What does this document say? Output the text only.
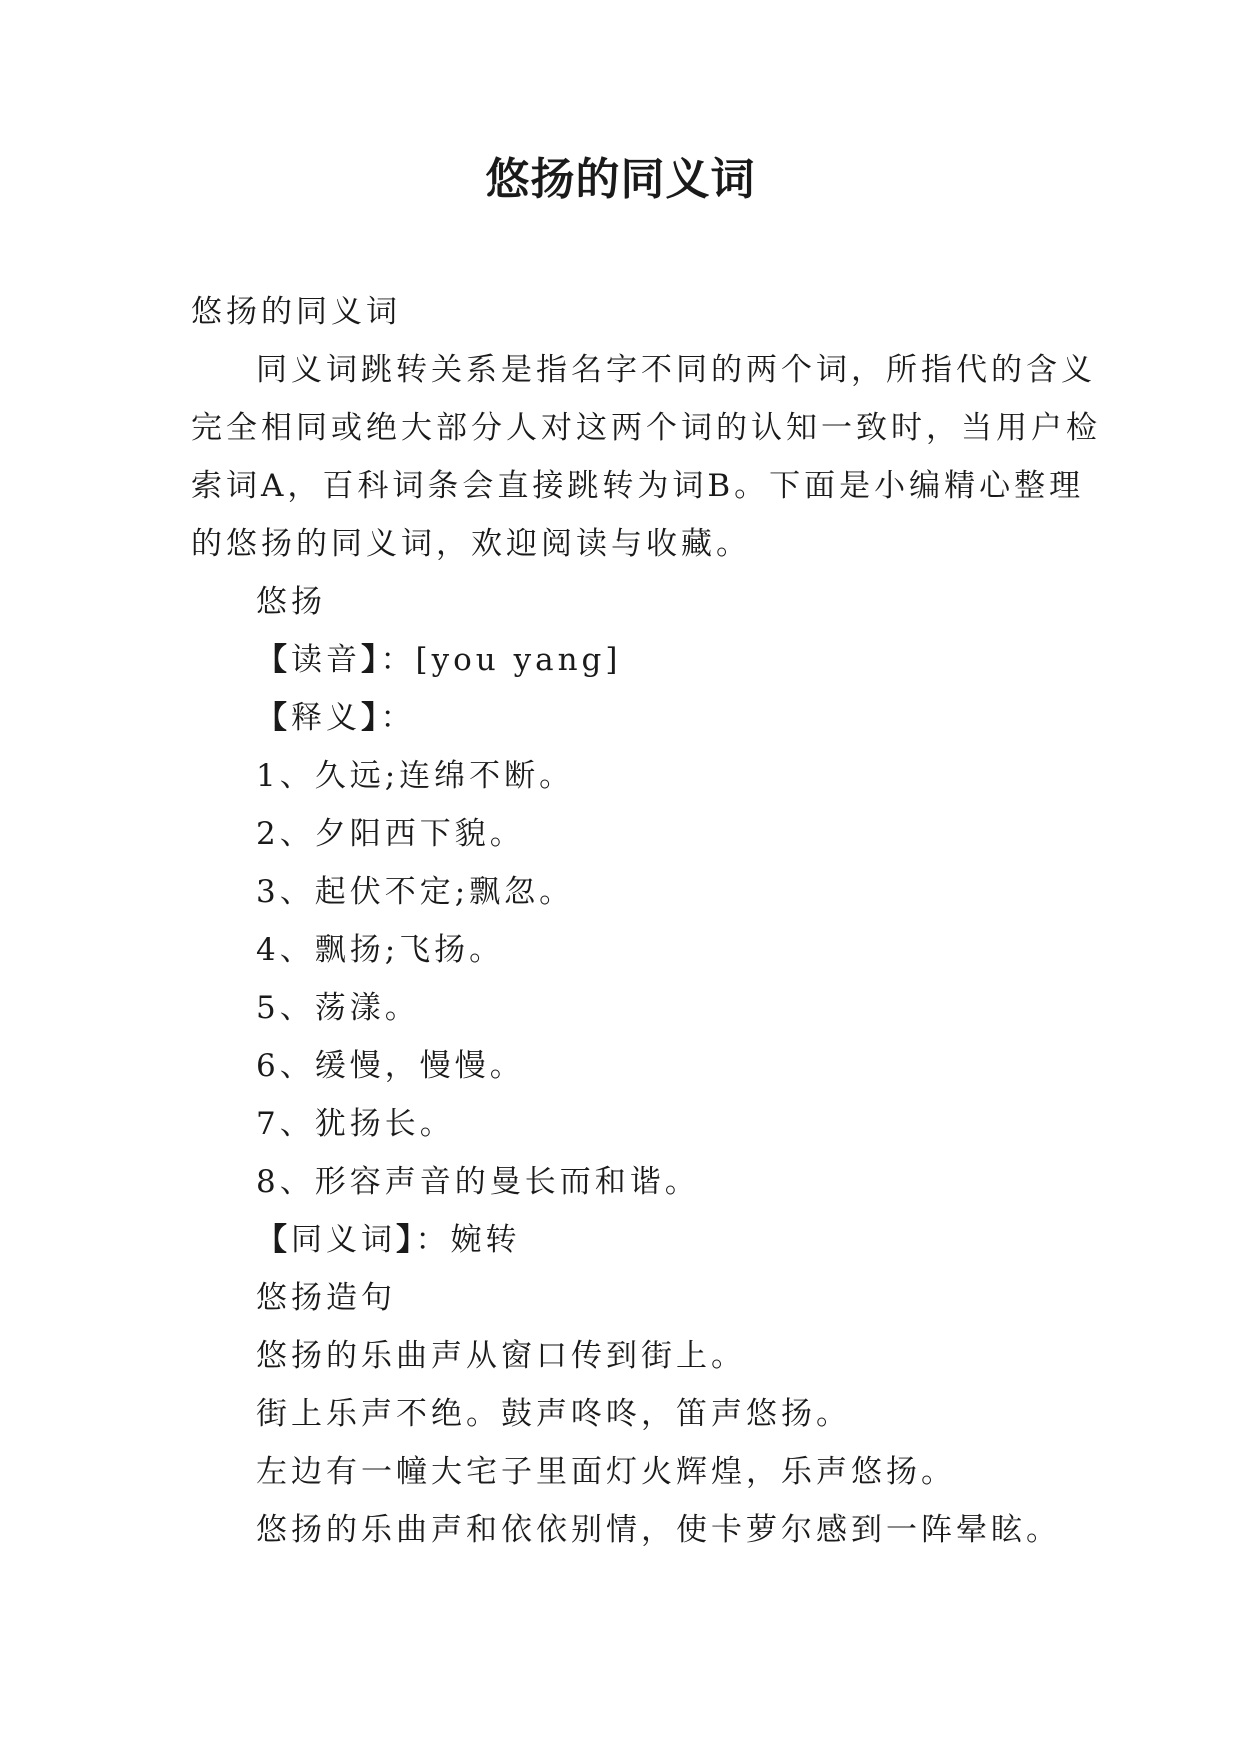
悠扬的同义词
悠扬的同义词
同义词跳转关系是指名字不同的两个词，所指代的含义
完全相同或绝大部分人对这两个词的认知一致时，当用户检
索词A，百科词条会直接跳转为词B。下面是小编精心整理
的悠扬的同义词，欢迎阅读与收藏。
悠扬
【读音】：[you yang]
【释义】：
1、久远;连绵不断。
2、夕阳西下貌。
3、起伏不定;飘忽。
4、飘扬;飞扬。
5、荡漾。
6、缓慢，慢慢。
7、犹扬长。
8、形容声音的曼长而和谐。
【同义词】：婉转
悠扬造句
悠扬的乐曲声从窗口传到街上。
街上乐声不绝。鼓声咚咚，笛声悠扬。
左边有一幢大宅子里面灯火辉煌，乐声悠扬。
悠扬的乐曲声和依依别情，使卡萝尔感到一阵晕眩。
